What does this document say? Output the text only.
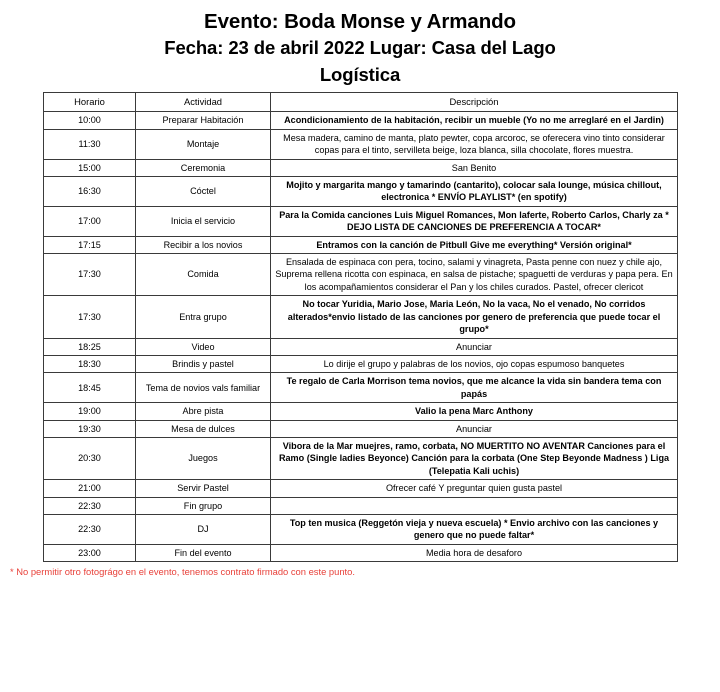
Evento: Boda Monse y Armando
Fecha: 23 de abril 2022 Lugar: Casa del Lago
Logística
Horario	Actividad	Descripción
10:00	Preparar Habitación	Acondicionamiento de la habitación, recibir un mueble (Yo no me arreglaré en el Jardin)
11:30	Montaje	Mesa madera, camino de manta, plato pewter, copa arcoroc, se oferecera vino tinto considerar copas para el tinto, servilleta beige, loza blanca, silla chocolate, flores muestra.
15:00	Ceremonia	San Benito
16:30	Cóctel	Mojito y margarita mango y tamarindo (cantarito), colocar sala lounge, música chillout, electronica * ENVÍO PLAYLIST* (en spotify)
17:00	Inicia el servicio	Para la Comida canciones Luis Miguel Romances, Mon laferte, Roberto Carlos, Charly za * DEJO LISTA DE CANCIONES DE PREFERENCIA A TOCAR*
17:15	Recibir a los novios	Entramos con la canción de Pitbull Give me everything* Versión original*
17:30	Comida	Ensalada de espinaca con pera, tocino, salami y vinagreta, Pasta penne con nuez y chile ajo, Suprema rellena ricotta con espinaca, en salsa de pistache; spaguetti de verduras y papa pera. En los acompañamientos considerar el Pan y los chiles curados. Pastel, ofrecer clericot
17:30	Entra grupo	No tocar Yuridia, Mario Jose, Maria León, No la vaca, No el venado, No corridos alterados*envio listado de las canciones por genero de preferencia que puede tocar el grupo*
18:25	Video	Anunciar
18:30	Brindis y pastel	Lo dirije el grupo y palabras de los novios, ojo copas espumoso banquetes
18:45	Tema de novios vals familiar	Te regalo de Carla Morrison tema novios, que me alcance la vida sin bandera tema con papás
19:00	Abre pista	Valio la pena Marc Anthony
19:30	Mesa de dulces	Anunciar
20:30	Juegos	Vibora de la Mar muejres, ramo, corbata, NO MUERTITO NO AVENTAR Canciones para el Ramo (Single ladies Beyonce) Canción para la corbata (One Step Beyonde Madness ) Liga (Telepatia Kali uchis)
21:00	Servir Pastel	Ofrecer café Y preguntar quien gusta pastel
22:30	Fin grupo	
22:30	DJ	Top ten musica (Reggetón vieja y nueva escuela) * Envio archivo con las canciones y genero que no puede faltar*
23:00	Fin del evento	Media hora de desaforo
* No permitir otro fotográgo en el evento, tenemos contrato firmado con este punto.
